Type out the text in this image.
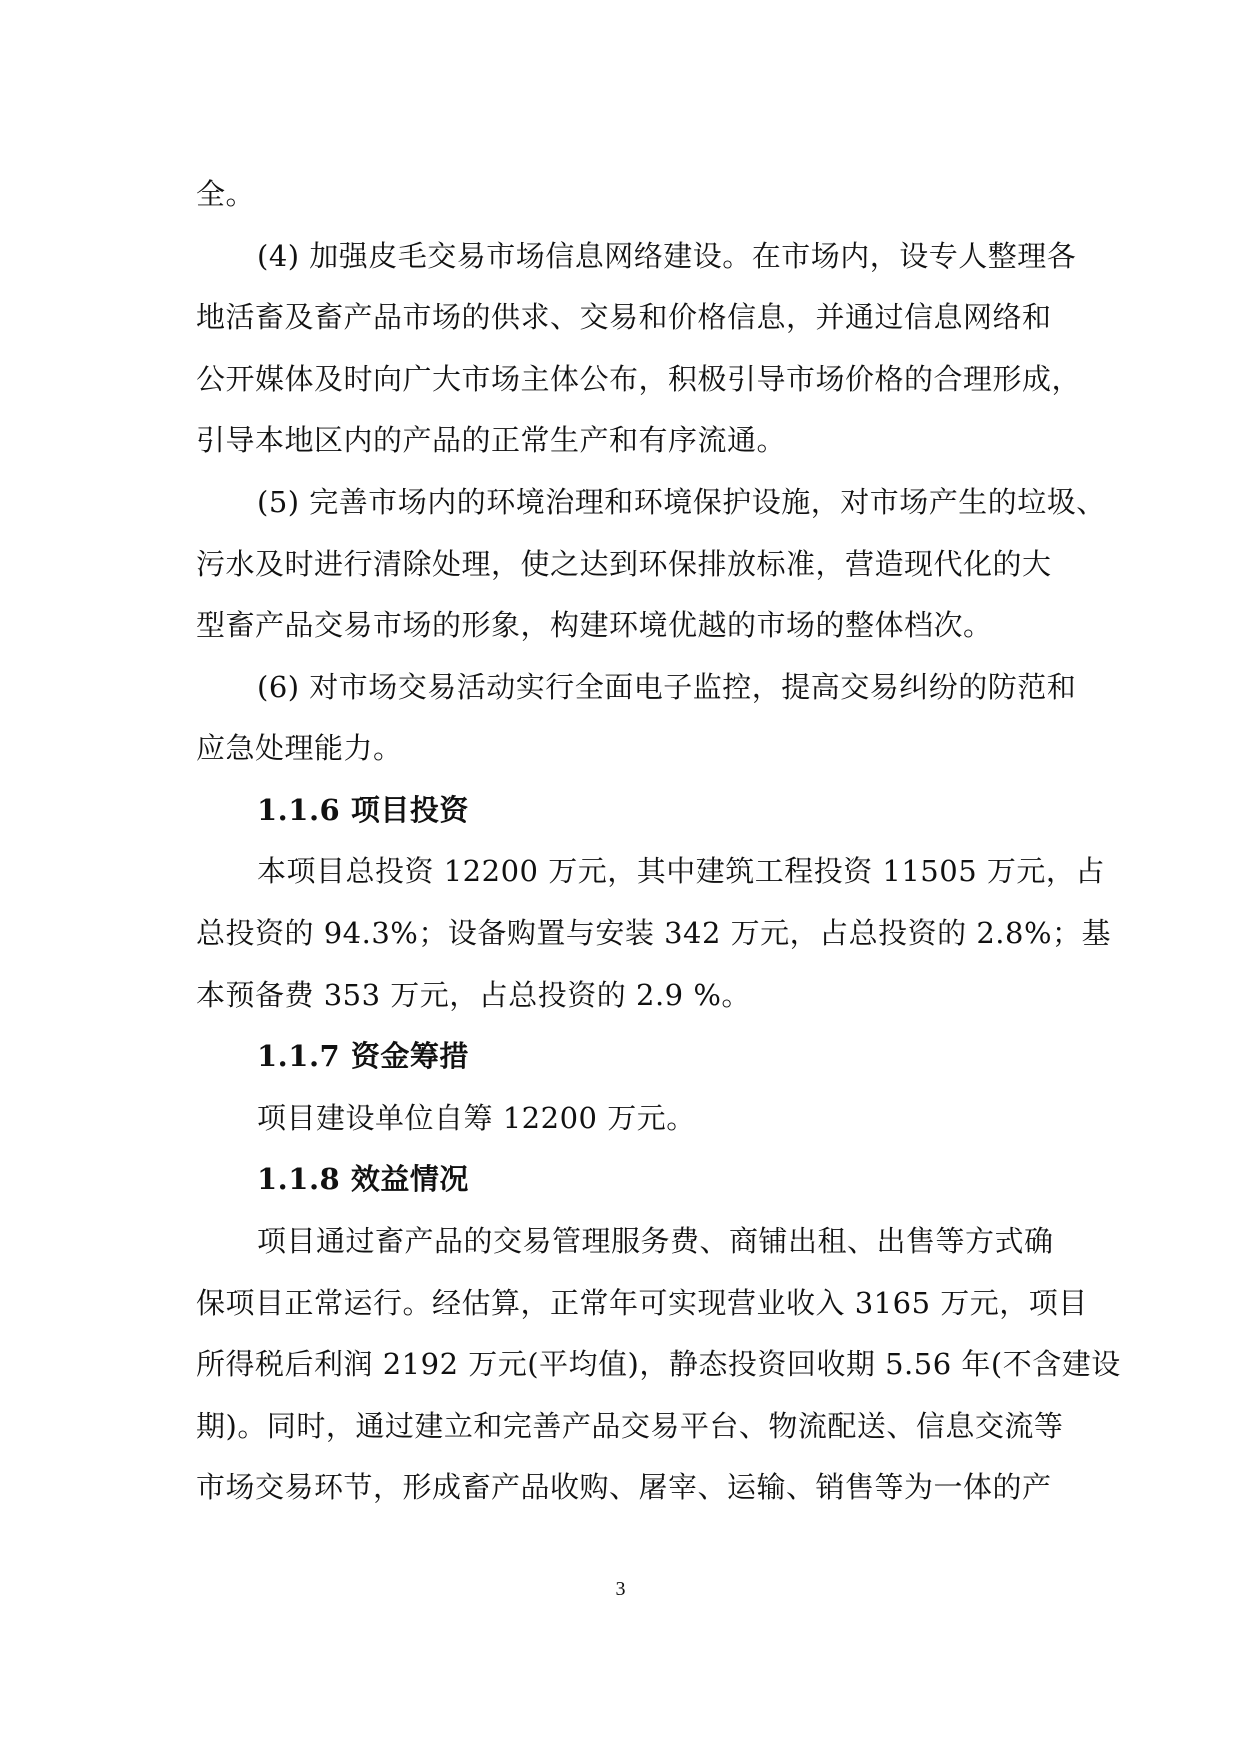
全。
(4) 加强皮毛交易市场信息网络建设。在市场内，设专人整理各
地活畜及畜产品市场的供求、交易和价格信息，并通过信息网络和
公开媒体及时向广大市场主体公布，积极引导市场价格的合理形成，
引导本地区内的产品的正常生产和有序流通。
(5) 完善市场内的环境治理和环境保护设施，对市场产生的垃圾、
污水及时进行清除处理，使之达到环保排放标准，营造现代化的大
型畜产品交易市场的形象，构建环境优越的市场的整体档次。
(6) 对市场交易活动实行全面电子监控，提高交易纠纷的防范和
应急处理能力。
1.1.6 项目投资
本项目总投资 12200 万元，其中建筑工程投资 11505 万元，占
总投资的 94.3%；设备购置与安装 342 万元，占总投资的 2.8%；基
本预备费 353 万元，占总投资的 2.9 %。
1.1.7 资金筹措
项目建设单位自筹 12200 万元。
1.1.8 效益情况
项目通过畜产品的交易管理服务费、商铺出租、出售等方式确
保项目正常运行。经估算，正常年可实现营业收入 3165 万元，项目
所得税后利润 2192 万元(平均值)，静态投资回收期 5.56 年(不含建设
期)。同时，通过建立和完善产品交易平台、物流配送、信息交流等
市场交易环节，形成畜产品收购、屠宰、运输、销售等为一体的产
3
